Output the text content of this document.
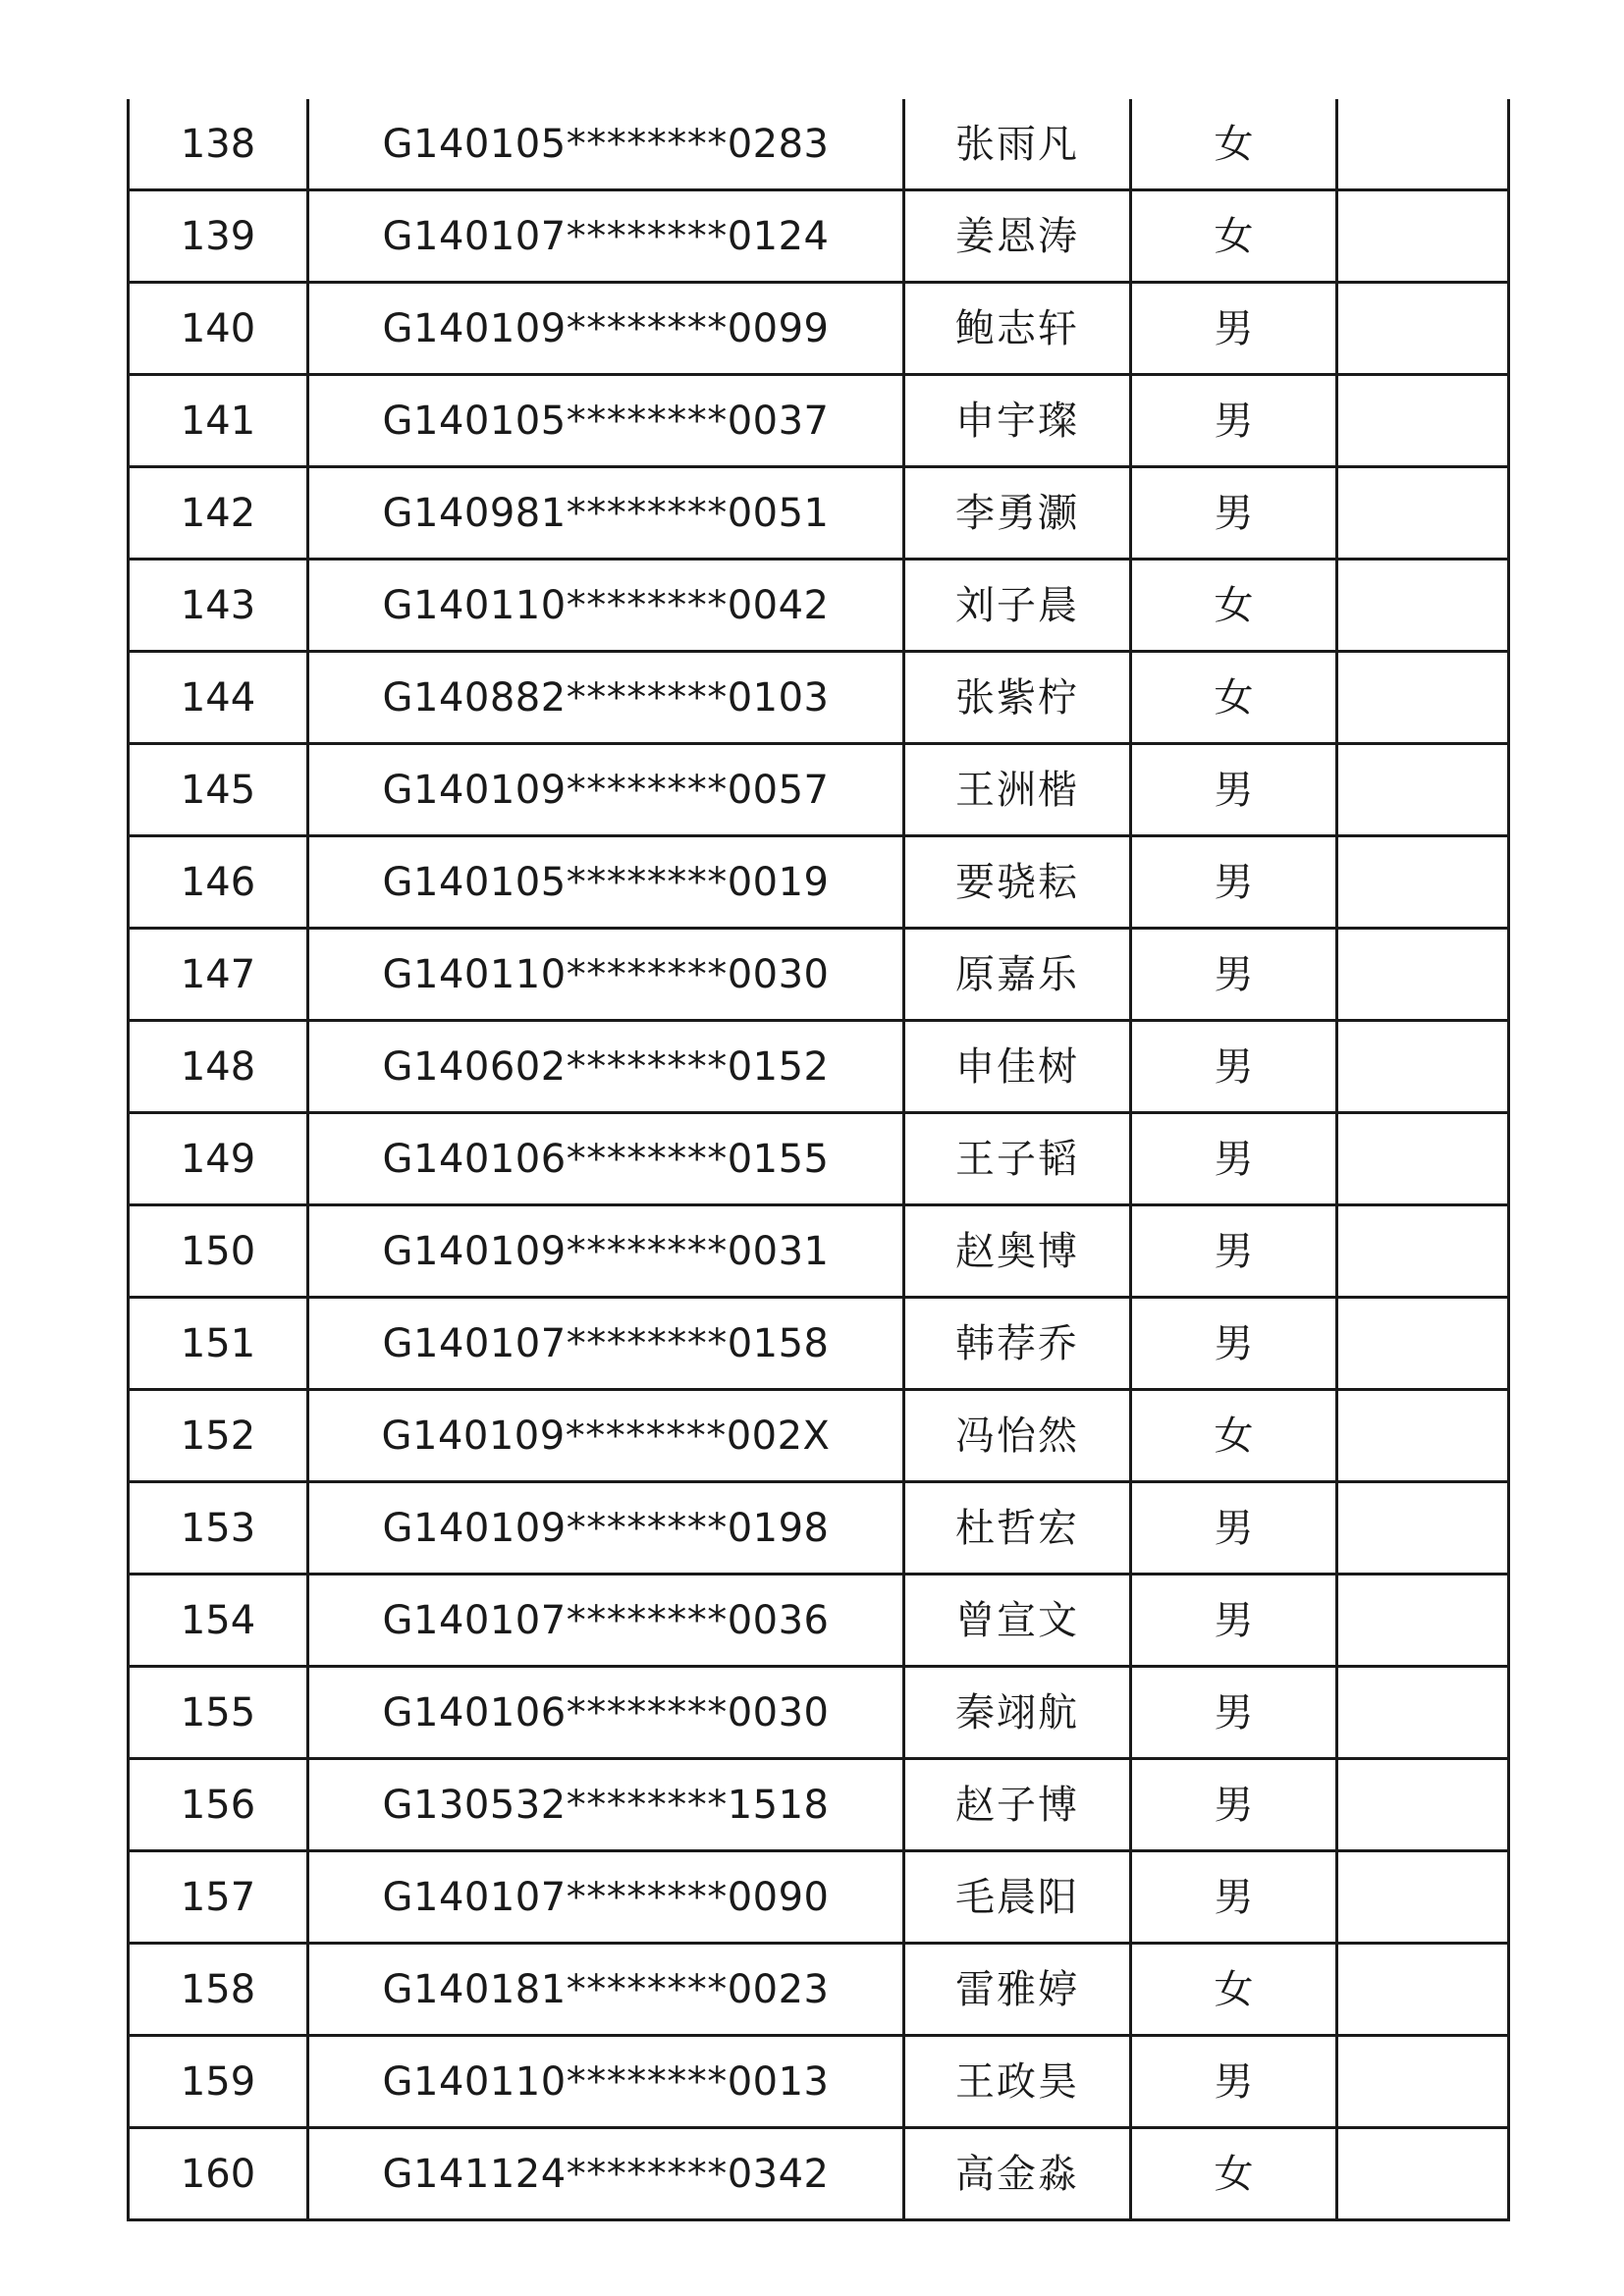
138	G140105********0283	张雨凡	女	
139	G140107********0124	姜恩涛	女	
140	G140109********0099	鲍志轩	男	
141	G140105********0037	申宇璨	男	
142	G140981********0051	李勇灏	男	
143	G140110********0042	刘子晨	女	
144	G140882********0103	张紫柠	女	
145	G140109********0057	王洲楷	男	
146	G140105********0019	要骁耘	男	
147	G140110********0030	原嘉乐	男	
148	G140602********0152	申佳树	男	
149	G140106********0155	王子韬	男	
150	G140109********0031	赵奥博	男	
151	G140107********0158	韩荐乔	男	
152	G140109********002X	冯怡然	女	
153	G140109********0198	杜哲宏	男	
154	G140107********0036	曾宣文	男	
155	G140106********0030	秦翊航	男	
156	G130532********1518	赵子博	男	
157	G140107********0090	毛晨阳	男	
158	G140181********0023	雷雅婷	女	
159	G140110********0013	王政昊	男	
160	G141124********0342	高金淼	女	
